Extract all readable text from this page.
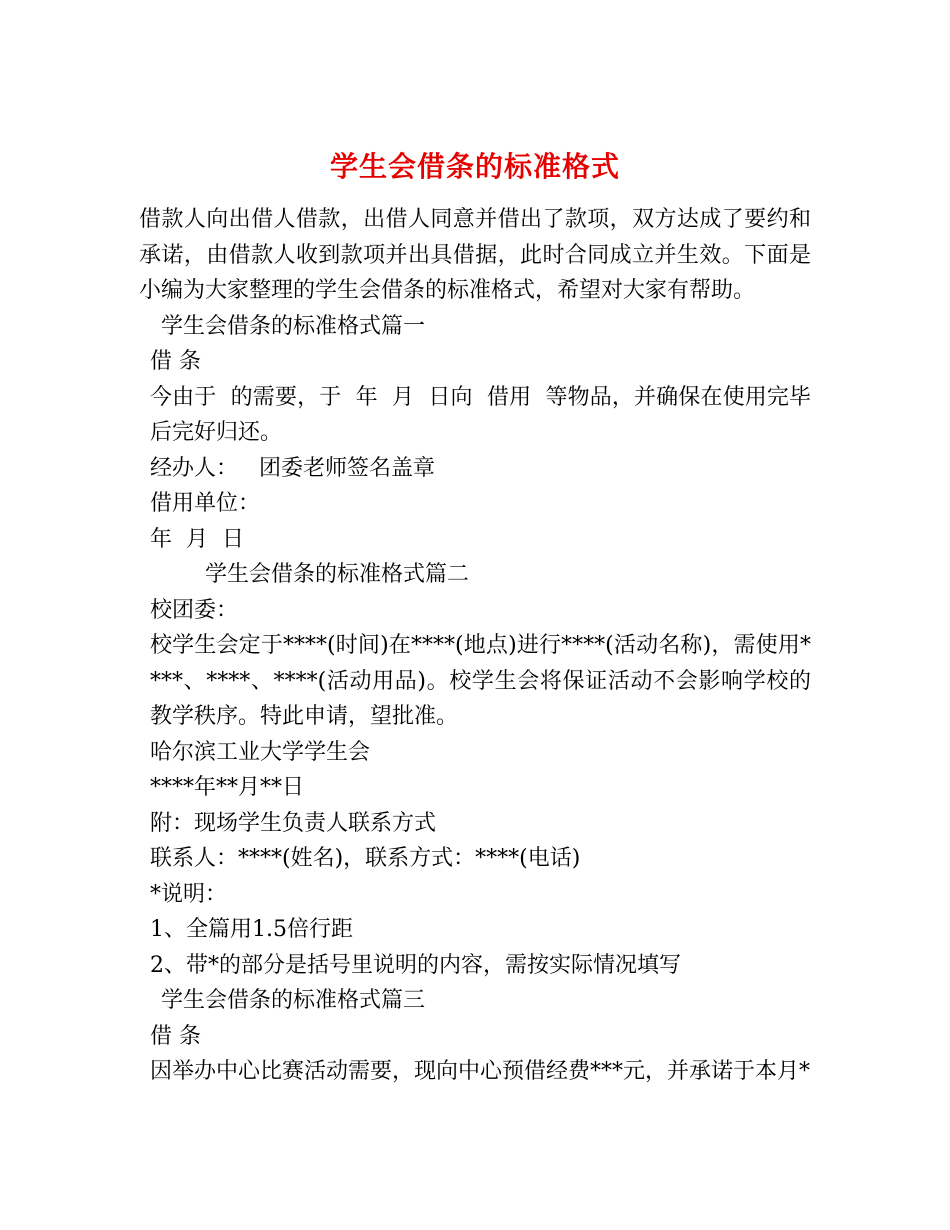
学生会借条的标准格式

借款人向出借人借款，出借人同意并借出了款项，双方达成了要约和承诺，由借款人收到款项并出具借据，此时合同成立并生效。下面是小编为大家整理的学生会借条的标准格式，希望对大家有帮助。

学生会借条的标准格式篇一

借 条

今由于  的需要，于  年  月  日向  借用  等物品，并确保在使用完毕后完好归还。

经办人：   团委老师签名盖章

借用单位：

年  月  日

学生会借条的标准格式篇二

校团委：

校学生会定于****(时间)在****(地点)进行****(活动名称)，需使用****、****、****(活动用品)。校学生会将保证活动不会影响学校的教学秩序。特此申请，望批准。

哈尔滨工业大学学生会

****年**月**日

附：现场学生负责人联系方式

联系人：****(姓名)，联系方式：****(电话)

*说明：

1、全篇用1.5倍行距

2、带*的部分是括号里说明的内容，需按实际情况填写

学生会借条的标准格式篇三

借 条

因举办中心比赛活动需要，现向中心预借经费***元，并承诺于本月*
